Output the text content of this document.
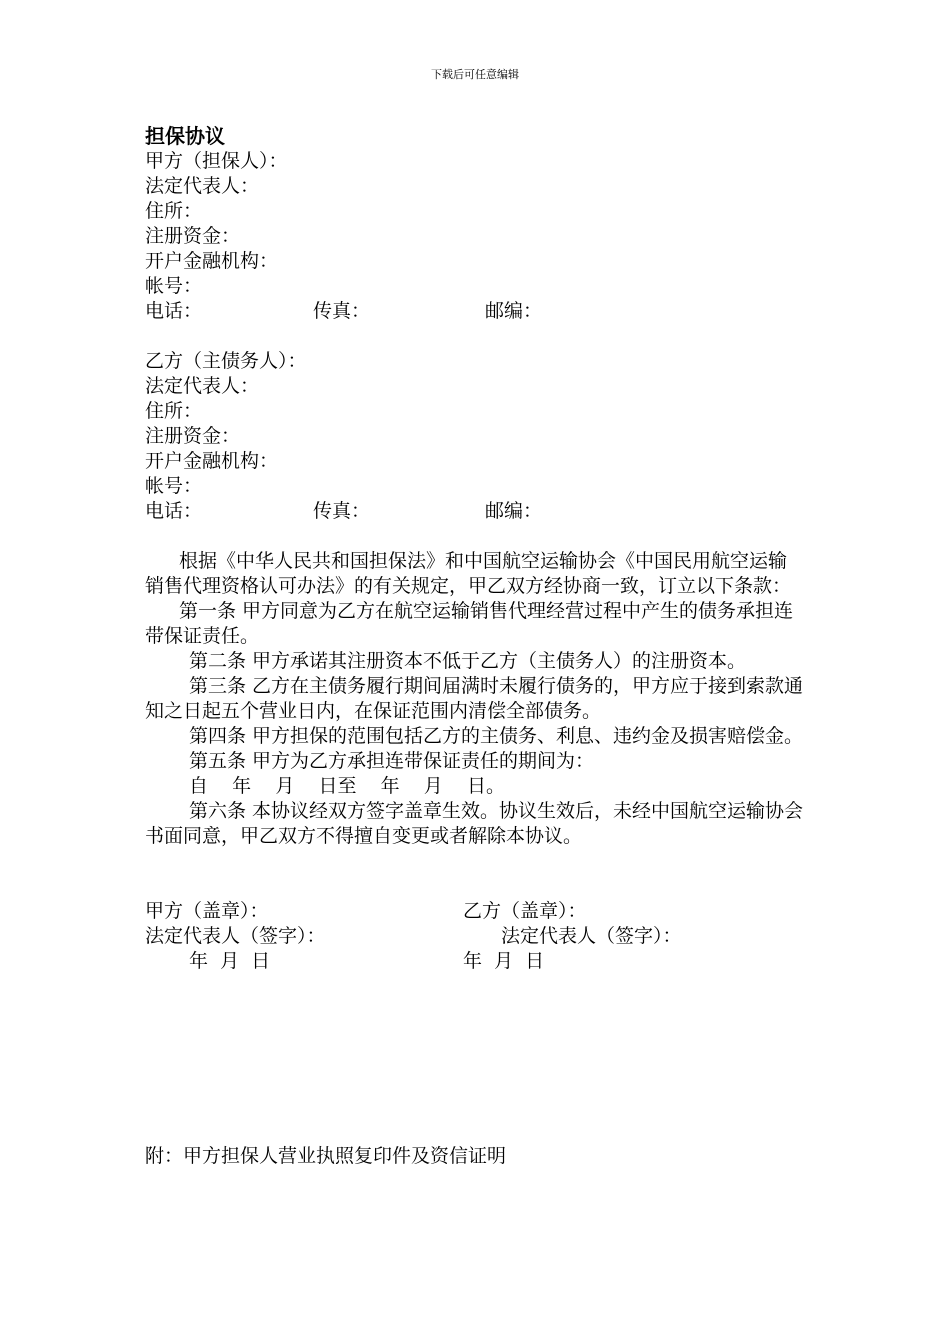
下载后可任意编辑
担保协议
甲方（担保人）：
法定代表人：
住所：
注册资金：
开户金融机构：
帐号：
电话：	传真：	邮编：
乙方（主债务人）：
法定代表人：
住所：
注册资金：
开户金融机构：
帐号：
电话：	传真：	邮编：

根据《中华人民共和国担保法》和中国航空运输协会《中国民用航空运输销售代理资格认可办法》的有关规定，甲乙双方经协商一致，订立以下条款：

第一条 甲方同意为乙方在航空运输销售代理经营过程中产生的债务承担连带保证责任。

第二条 甲方承诺其注册资本不低于乙方（主债务人）的注册资本。

第三条 乙方在主债务履行期间届满时未履行债务的，甲方应于接到索款通知之日起五个营业日内，在保证范围内清偿全部债务。

第四条 甲方担保的范围包括乙方的主债务、利息、违约金及损害赔偿金。

第五条 甲方为乙方承担连带保证责任的期间为：

自    年    月    日至    年    月    日。

第六条 本协议经双方签字盖章生效。协议生效后，未经中国航空运输协会书面同意，甲乙双方不得擅自变更或者解除本协议。

甲方（盖章）：	乙方（盖章）：
法定代表人（签字）：	法定代表人（签字）：
年  月  日	年  月  日
附：甲方担保人营业执照复印件及资信证明
